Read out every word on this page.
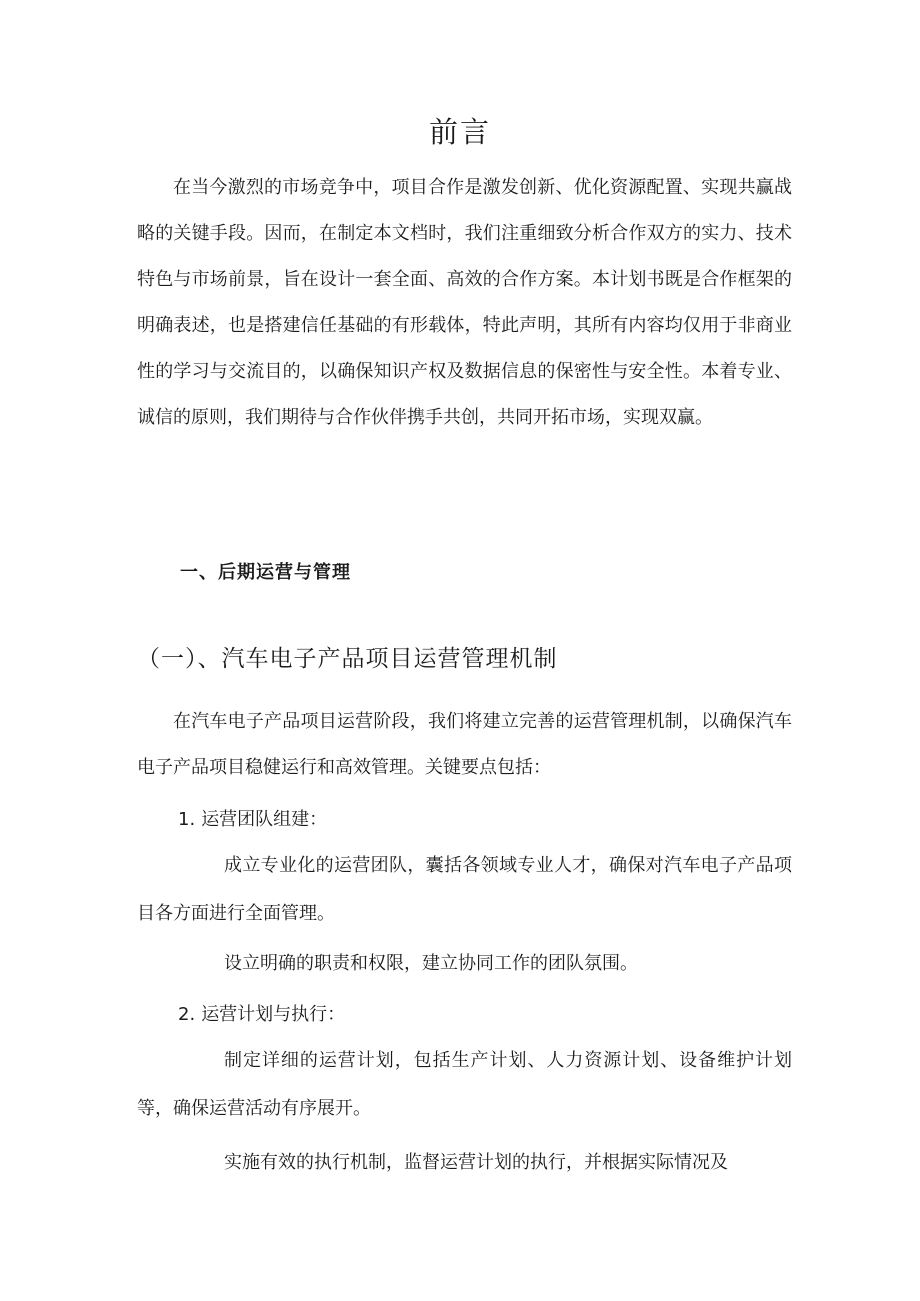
前言

在当今激烈的市场竞争中，项目合作是激发创新、优化资源配置、实现共赢战略的关键手段。因而，在制定本文档时，我们注重细致分析合作双方的实力、技术特色与市场前景，旨在设计一套全面、高效的合作方案。本计划书既是合作框架的明确表述，也是搭建信任基础的有形载体，特此声明，其所有内容均仅用于非商业性的学习与交流目的，以确保知识产权及数据信息的保密性与安全性。本着专业、诚信的原则，我们期待与合作伙伴携手共创，共同开拓市场，实现双赢。

一、后期运营与管理
（一）、汽车电子产品项目运营管理机制

在汽车电子产品项目运营阶段，我们将建立完善的运营管理机制，以确保汽车电子产品项目稳健运行和高效管理。关键要点包括：

1. 运营团队组建：

成立专业化的运营团队，囊括各领域专业人才，确保对汽车电子产品项目各方面进行全面管理。

设立明确的职责和权限，建立协同工作的团队氛围。

2. 运营计划与执行：

制定详细的运营计划，包括生产计划、人力资源计划、设备维护计划等，确保运营活动有序展开。

实施有效的执行机制，监督运营计划的执行，并根据实际情况及
